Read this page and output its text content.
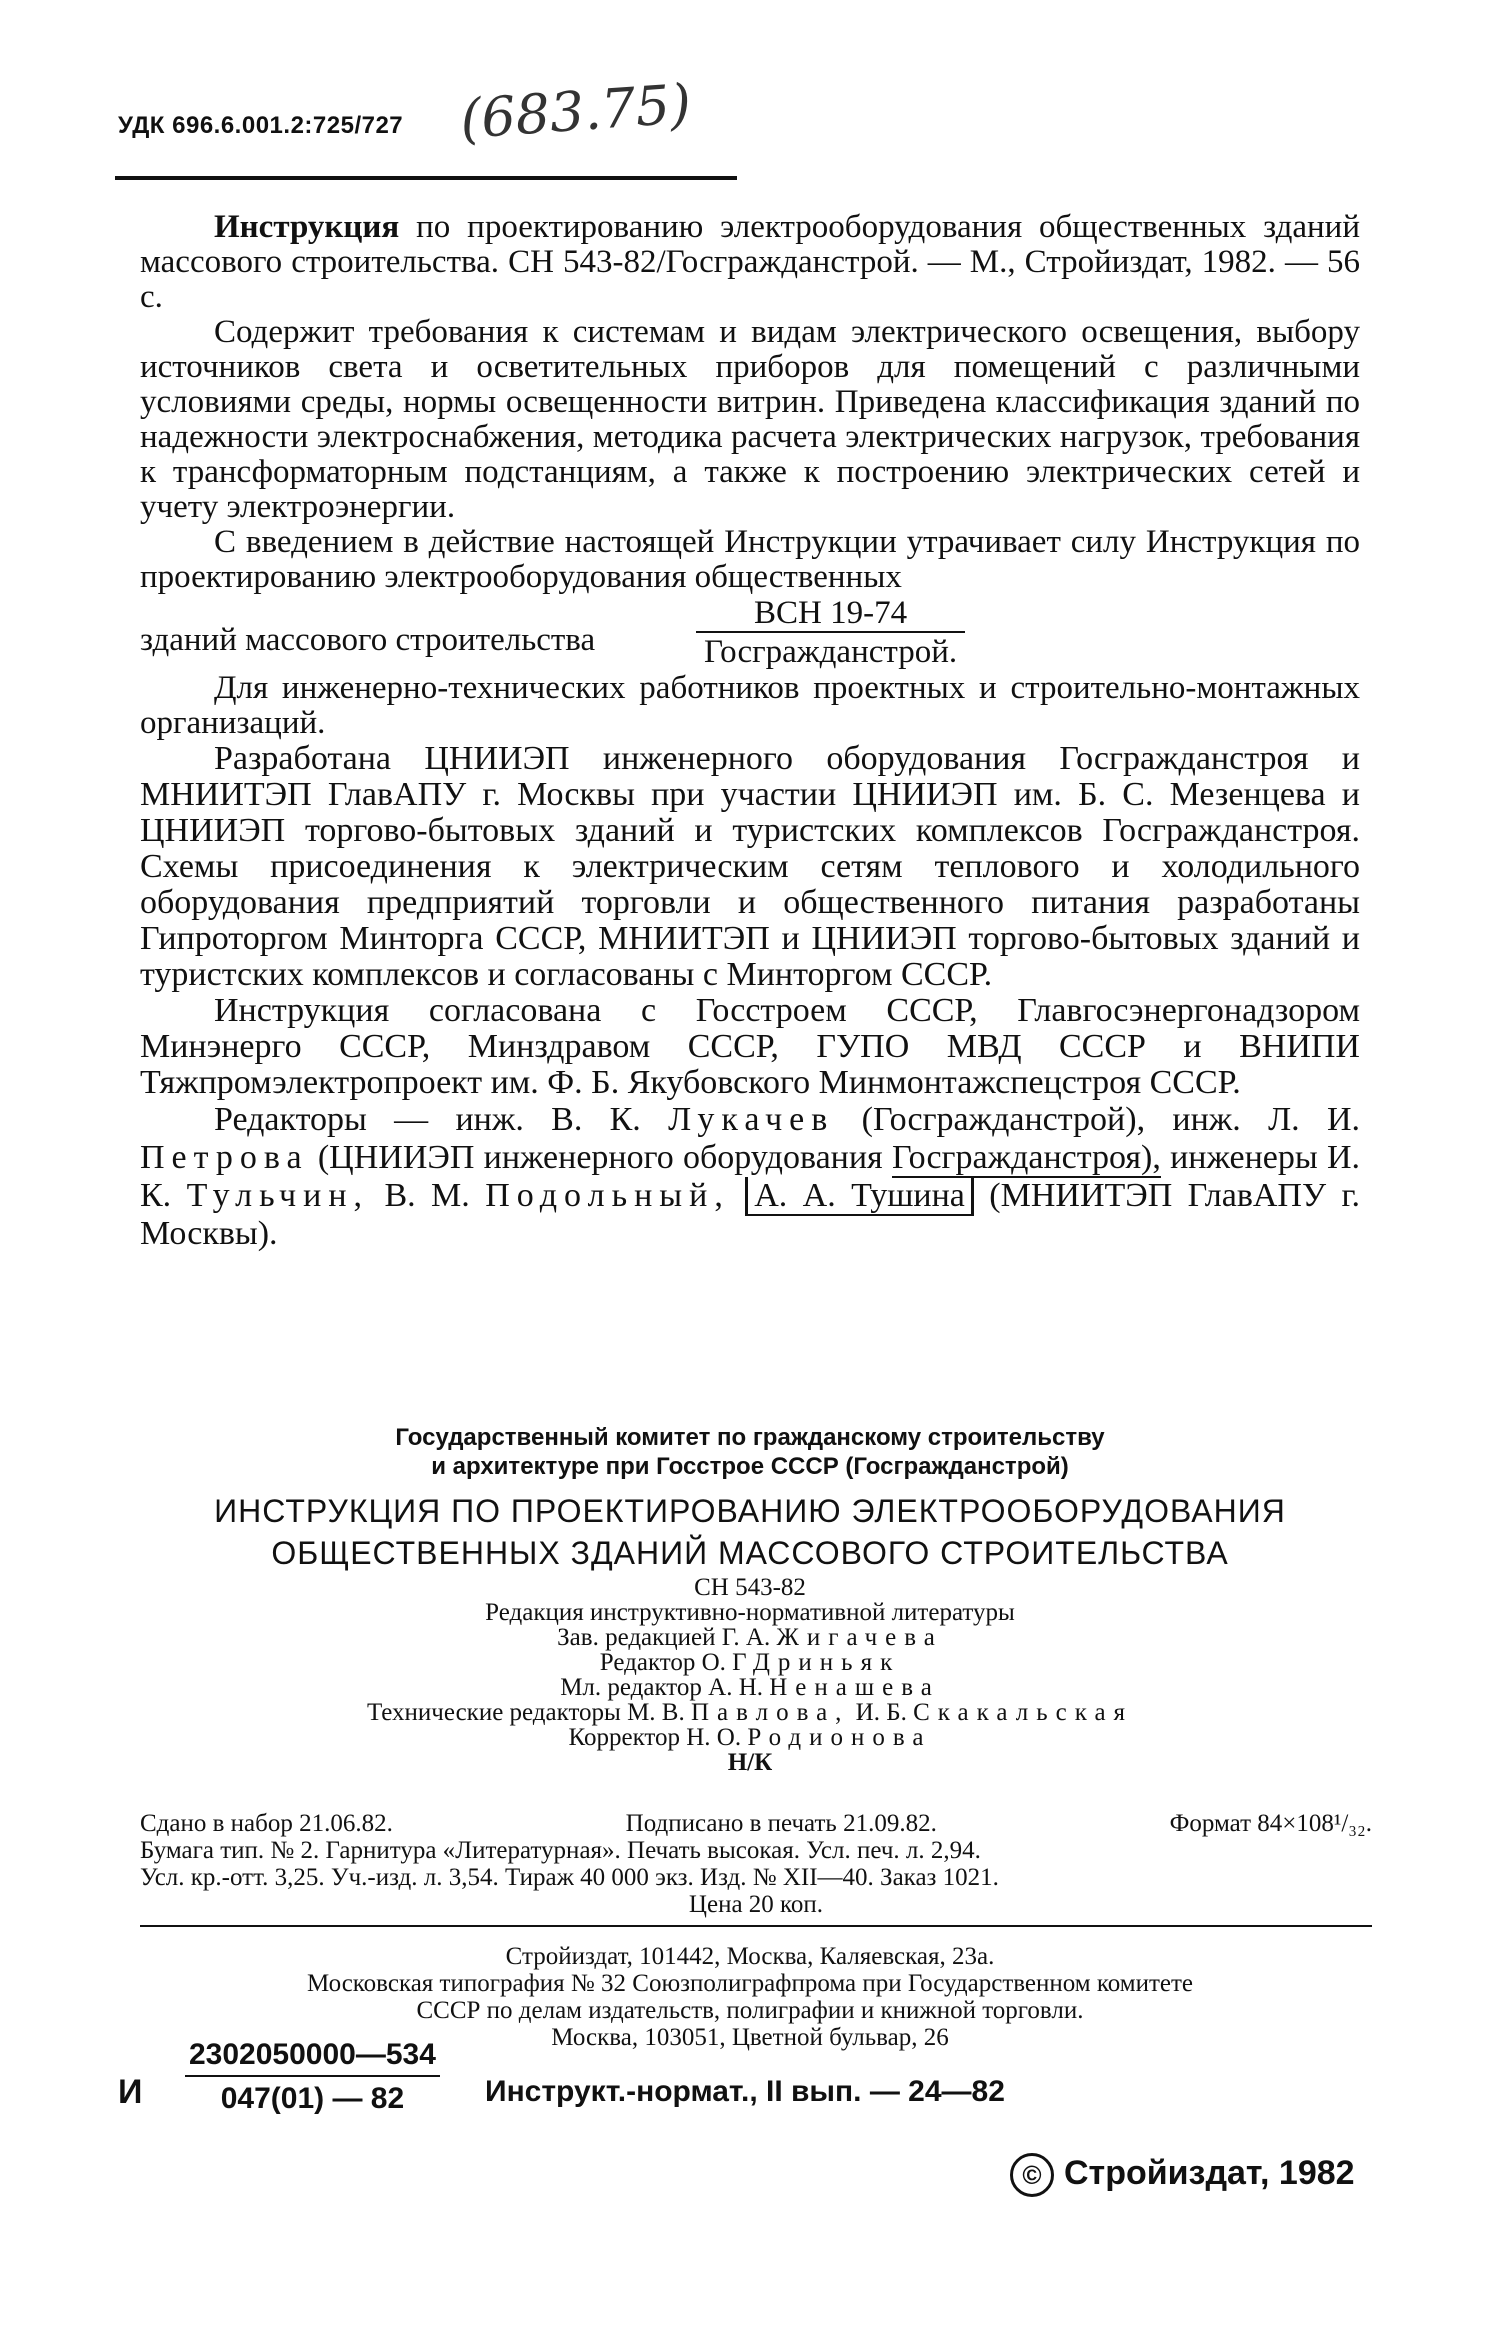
УДК 696.6.001.2:725/727 (683.75)

Инструкция по проектированию электрооборудования общественных зданий массового строительства. СН 543-82/Госгражданстрой. — М., Стройиздат, 1982. — 56 с.

Содержит требования к системам и видам электрического освещения, выбору источников света и осветительных приборов для помещений с различными условиями среды, нормы освещенности витрин. Приведена классификация зданий по надежности электроснабжения, методика расчета электрических нагрузок, требования к трансформаторным подстанциям, а также к построению электрических сетей и учету электроэнергии.

С введением в действие настоящей Инструкции утрачивает силу Инструкция по проектированию электрооборудования общественных

зданий массового строительства
ВСН 19-74
Госгражданстрой.

Для инженерно-технических работников проектных и строительно-монтажных организаций.

Разработана ЦНИИЭП инженерного оборудования Госгражданстроя и МНИИТЭП ГлавАПУ г. Москвы при участии ЦНИИЭП им. Б. С. Мезенцева и ЦНИИЭП торгово-бытовых зданий и туристских комплексов Госгражданстроя. Схемы присоединения к электрическим сетям теплового и холодильного оборудования предприятий торговли и общественного питания разработаны Гипроторгом Минторга СССР, МНИИТЭП и ЦНИИЭП торгово-бытовых зданий и туристских комплексов и согласованы с Минторгом СССР.

Инструкция согласована с Госстроем СССР, Главгосэнергонадзором Минэнерго СССР, Минздравом СССР, ГУПО МВД СССР и ВНИПИ Тяжпромэлектропроект им. Ф. Б. Якубовского Минмонтажспецстроя СССР.

Редакторы — инж. В. К. Лукачев (Госгражданстрой), инж. Л. И. Петрова (ЦНИИЭП инженерного оборудования Госгражданстроя), инженеры И. К. Тульчин, В. М. Подольный, А. А. Тушина (МНИИТЭП ГлавАПУ г. Москвы).

Государственный комитет по гражданскому строительству
и архитектуре при Госстрое СССР (Госгражданстрой)
ИНСТРУКЦИЯ ПО ПРОЕКТИРОВАНИЮ ЭЛЕКТРООБОРУДОВАНИЯ
ОБЩЕСТВЕННЫХ ЗДАНИЙ МАССОВОГО СТРОИТЕЛЬСТВА
СН 543-82
Редакция инструктивно-нормативной литературы
Зав. редакцией Г. А. Жигачева
Редактор О. Г Дриньяк
Мл. редактор А. Н. Ненашева
Технические редакторы М. В. Павлова, И. Б. Скакальская
Корректор Н. О. Родионова
Н/К
Сдано в набор 21.06.82.	Подписано в печать 21.09.82.	Формат 84×108¹/₃₂.
Бумага тип. № 2. Гарнитура «Литературная». Печать высокая. Усл. печ. л. 2,94.
Усл. кр.-отт. 3,25. Уч.-изд. л. 3,54. Тираж 40 000 экз. Изд. № XII—40. Заказ 1021.
Цена 20 коп.
Стройиздат, 101442, Москва, Каляевская, 23а.
Московская типография № 32 Союзполиграфпрома при Государственном комитете
СССР по делам издательств, полиграфии и книжной торговли.
Москва, 103051, Цветной бульвар, 26
И $\frac{2302050000—534}{047(01) — 82}$ Инструкт.-нормат., II вып. — 24—82
© Стройиздат, 1982
